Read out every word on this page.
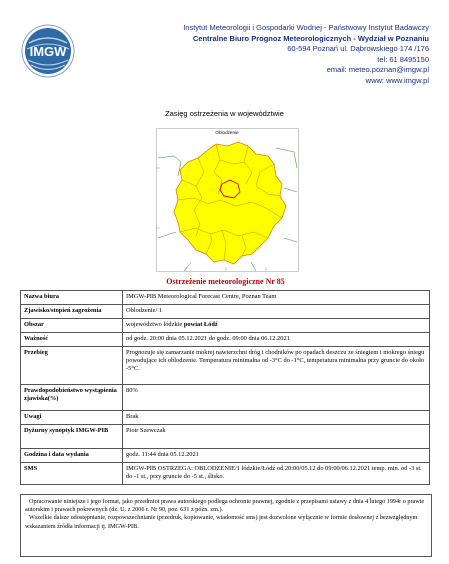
IMGW
Instytut Meteorologii i Gospodarki Wodnej - Państwowy Instytut Badawczy
Centralne Biuro Prognoz Meteorologicznych - Wydział w Poznaniu
60-594 Poznań ul. Dąbrowskiego 174 /176
tel: 61 8495150
email: meteo.poznan@imgw.pl
www: www.imgw.pl
Zasięg ostrzeżenia w województwie
Oblodzenie
Ostrzeżenie meteorologiczne Nr 85
Nazwa biura	IMGW-PIB Meteorological Forecast Centre, Poznan Team
Zjawisko/stopień zagrożenia	Oblodzenie/ 1
Obszar	województwo łódzkie powiat Łódź
Ważność	od godz. 20:00 dnia 05.12.2021 do godz. 09:00 dnia 06.12.2021
Przebieg	Prognozuje się zamarzanie mokrej nawierzchni dróg i chodników po opadach deszczu ze śniegiem i mokrego śniegu powodujące ich oblodzenie. Temperatura minimalna od -3°C do -1°C, temperatura minimalna przy gruncie do około -5°C.
Prawdopodobieństwo wystąpienia zjawiska(%)	80%
Uwagi	Brak
Dyżurny synoptyk IMGW-PIB	Piotr Szewczak
Godzina i data wydania	godz. 11:44 dnia 05.12.2021
SMS	IMGW-PIB OSTRZEGA: OBLODZENIE/1 łódzkie/Łódź od 20:00/05.12 do 09:00/06.12.2021 temp. min. od -3 st. do -1 st., przy gruncie do -5 st., ślisko.

Opracowanie niniejsze i jego format, jako przedmiot prawa autorskiego podlega ochronie prawnej, zgodnie z przepisami ustawy z dnia 4 lutego 1994r o prawie autorskim i prawach pokrewnych (dz. U. z 2006 r. Nr 90, poz. 631 z późn. zm.).

Wszelkie dalsze udostępnianie, rozpowszechnianie (przedruk, kopiowanie, wiadomość sms) jest dozwolone wyłącznie w formie dosłownej z bezwzględnym wskazaniem źródła informacji tj. IMGW-PIB.
